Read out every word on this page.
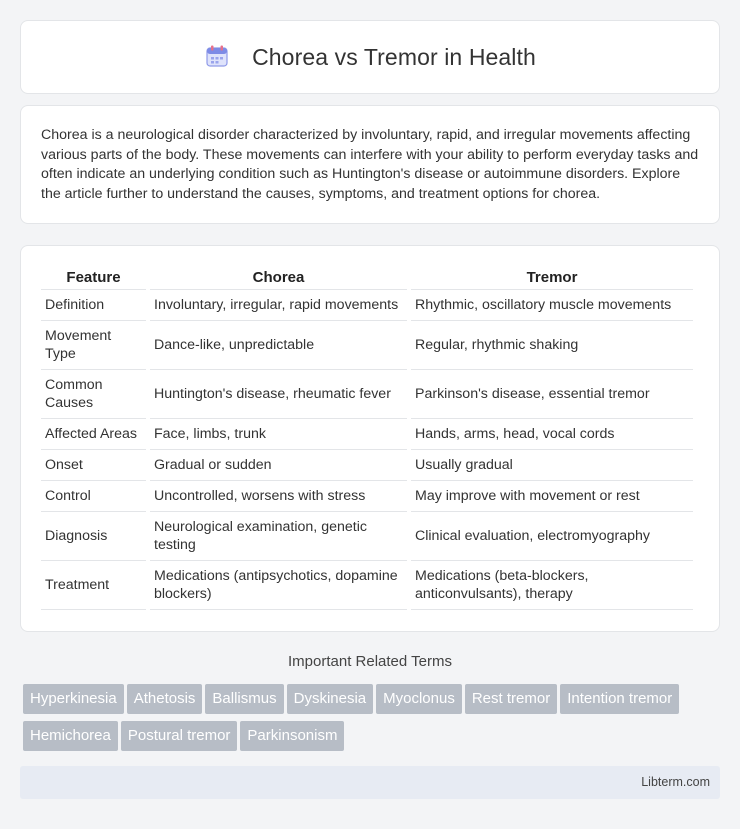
Chorea vs Tremor in Health

Chorea is a neurological disorder characterized by involuntary, rapid, and irregular movements affecting various parts of the body. These movements can interfere with your ability to perform everyday tasks and often indicate an underlying condition such as Huntington's disease or autoimmune disorders. Explore the article further to understand the causes, symptoms, and treatment options for chorea.

Feature	Chorea	Tremor
Definition	Involuntary, irregular, rapid movements	Rhythmic, oscillatory muscle movements
Movement Type	Dance-like, unpredictable	Regular, rhythmic shaking
Common Causes	Huntington's disease, rheumatic fever	Parkinson's disease, essential tremor
Affected Areas	Face, limbs, trunk	Hands, arms, head, vocal cords
Onset	Gradual or sudden	Usually gradual
Control	Uncontrolled, worsens with stress	May improve with movement or rest
Diagnosis	Neurological examination, genetic testing	Clinical evaluation, electromyography
Treatment	Medications (antipsychotics, dopamine blockers)	Medications (beta-blockers, anticonvulsants), therapy
Important Related Terms
Hyperkinesia	Athetosis	Ballismus	Dyskinesia	Myoclonus	Rest tremor	Intention tremor
Hemichorea	Postural tremor	Parkinsonism
Libterm.com
